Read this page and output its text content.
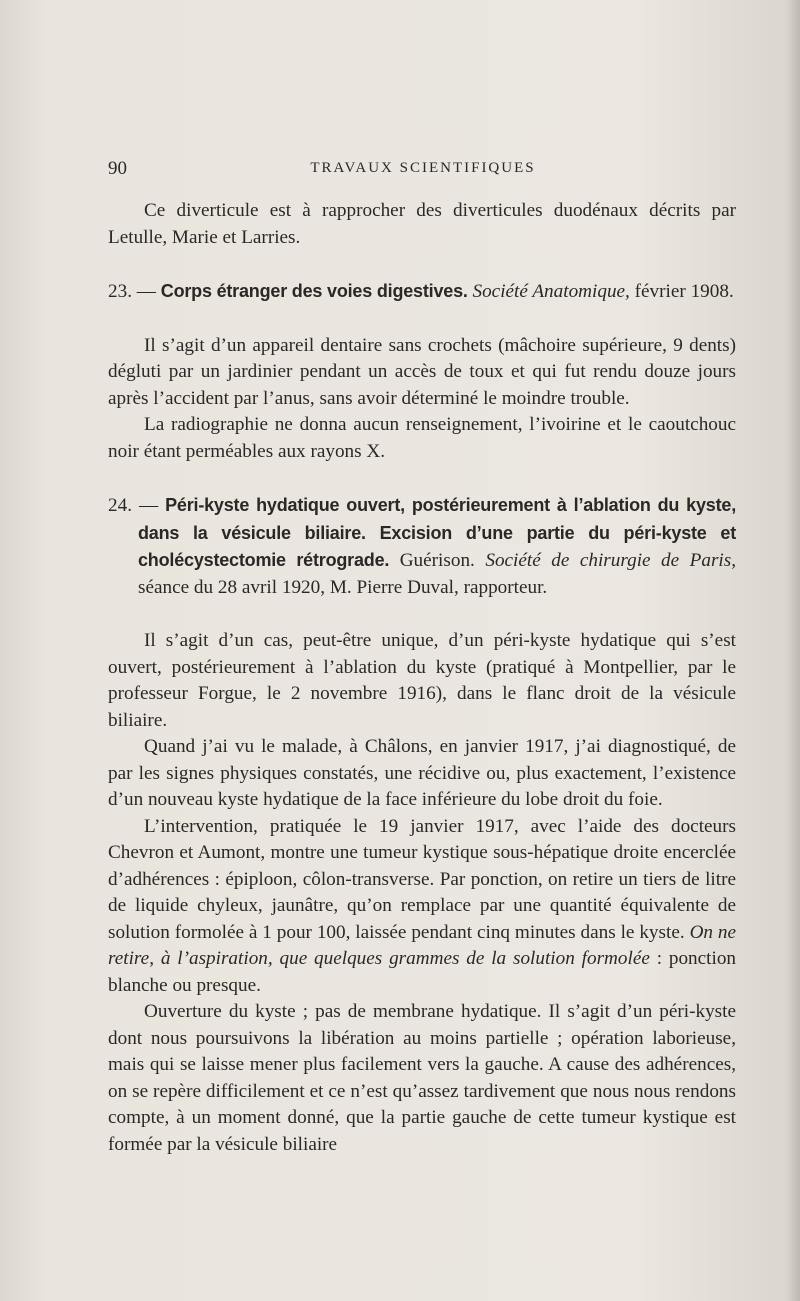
90	TRAVAUX SCIENTIFIQUES

Ce diverticule est à rapprocher des diverticules duodénaux décrits par Letulle, Marie et Larries.

23. — Corps étranger des voies digestives. Société Anatomique, février 1908.

Il s’agit d’un appareil dentaire sans crochets (mâchoire supérieure, 9 dents) dégluti par un jardinier pendant un accès de toux et qui fut rendu douze jours après l’accident par l’anus, sans avoir déterminé le moindre trouble.

La radiographie ne donna aucun renseignement, l’ivoirine et le caoutchouc noir étant perméables aux rayons X.

24. — Péri-kyste hydatique ouvert, postérieurement à l’ablation du kyste, dans la vésicule biliaire. Excision d’une partie du péri-kyste et cholécystectomie rétrograde. Guérison. Société de chirurgie de Paris, séance du 28 avril 1920, M. Pierre Duval, rapporteur.

Il s’agit d’un cas, peut-être unique, d’un péri-kyste hydatique qui s’est ouvert, postérieurement à l’ablation du kyste (pratiqué à Montpellier, par le professeur Forgue, le 2 novembre 1916), dans le flanc droit de la vésicule biliaire.

Quand j’ai vu le malade, à Châlons, en janvier 1917, j’ai diagnostiqué, de par les signes physiques constatés, une récidive ou, plus exactement, l’existence d’un nouveau kyste hydatique de la face inférieure du lobe droit du foie.

L’intervention, pratiquée le 19 janvier 1917, avec l’aide des docteurs Chevron et Aumont, montre une tumeur kystique sous-hépatique droite encerclée d’adhérences : épiploon, côlon-transverse. Par ponction, on retire un tiers de litre de liquide chyleux, jaunâtre, qu’on remplace par une quantité équivalente de solution formolée à 1 pour 100, laissée pendant cinq minutes dans le kyste. On ne retire, à l’aspiration, que quelques grammes de la solution formolée : ponction blanche ou presque.

Ouverture du kyste ; pas de membrane hydatique. Il s’agit d’un péri-kyste dont nous poursuivons la libération au moins partielle ; opération laborieuse, mais qui se laisse mener plus facilement vers la gauche. A cause des adhérences, on se repère difficilement et ce n’est qu’assez tardivement que nous nous rendons compte, à un moment donné, que la partie gauche de cette tumeur kystique est formée par la vésicule biliaire
